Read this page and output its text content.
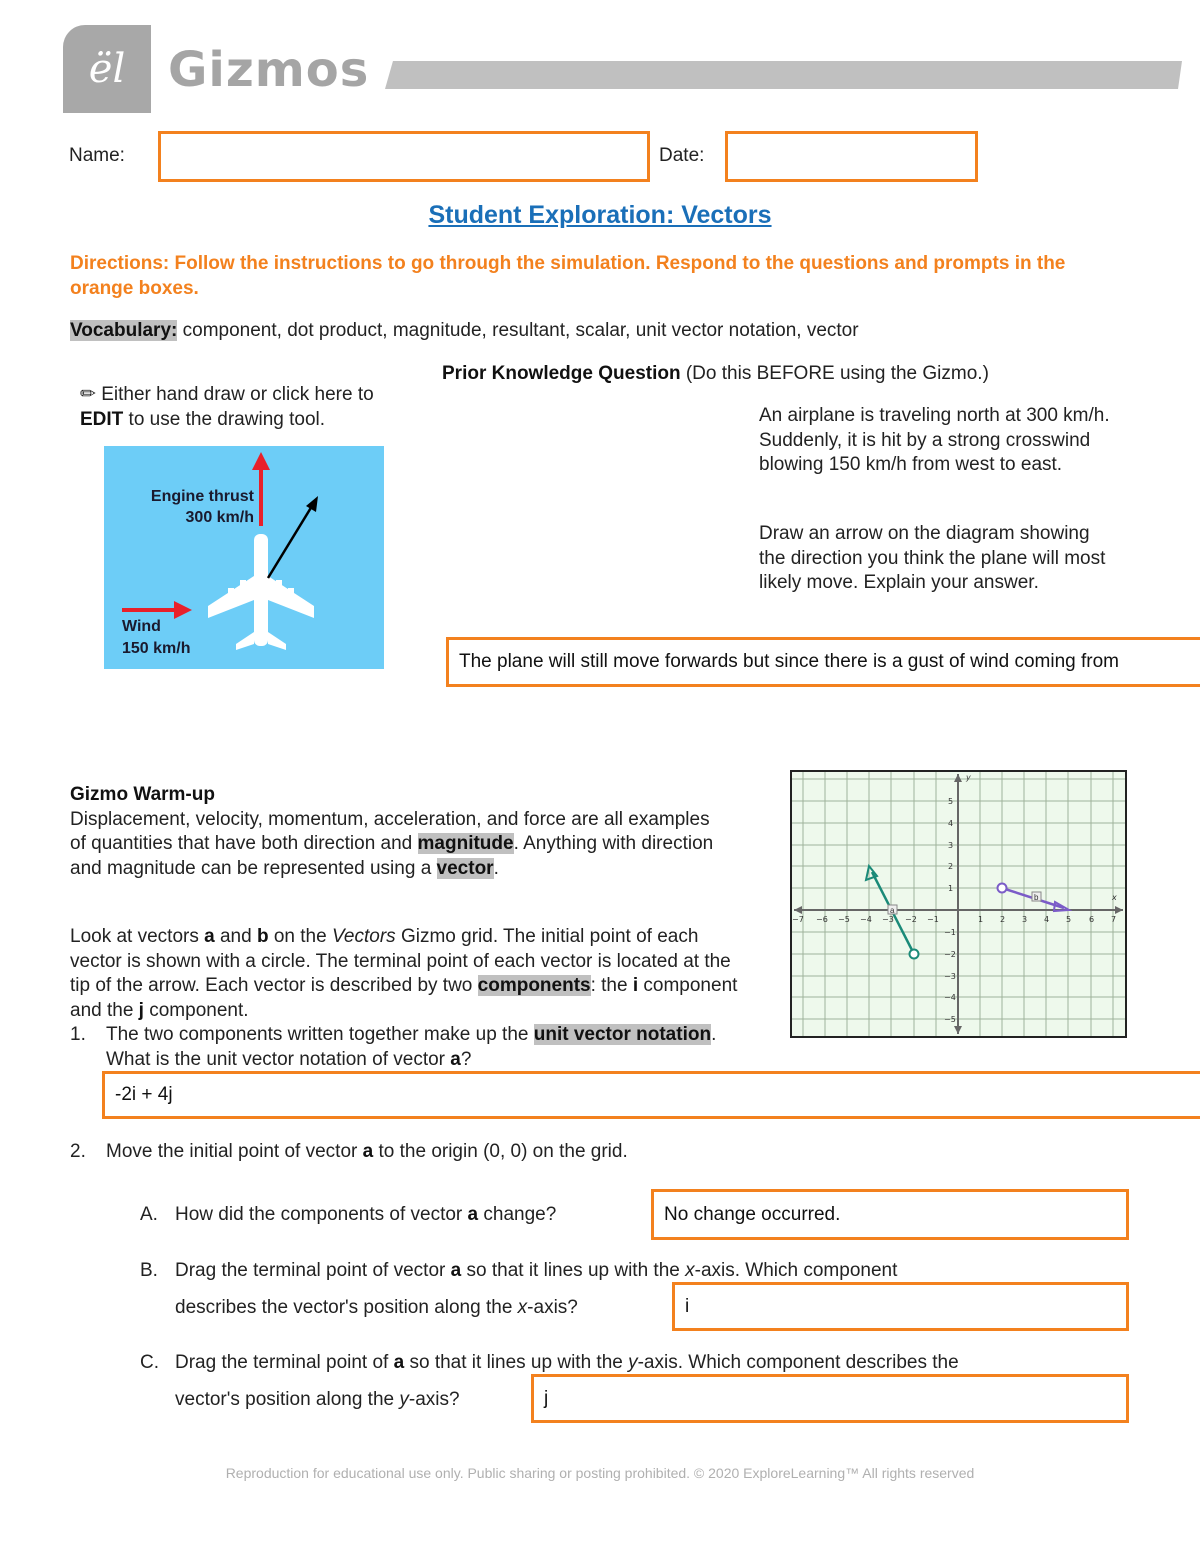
ël Gizmos
Name:	Date:
Student Exploration: Vectors
Directions: Follow the instructions to go through the simulation. Respond to the questions and prompts in the orange boxes.
Vocabulary: component, dot product, magnitude, resultant, scalar, unit vector notation, vector
✏ Either hand draw or click here to EDIT to use the drawing tool.
Engine thrust
300 km/h
Wind
150 km/h
Prior Knowledge Question (Do this BEFORE using the Gizmo.)
An airplane is traveling north at 300 km/h. Suddenly, it is hit by a strong crosswind blowing 150 km/h from west to east.
Draw an arrow on the diagram showing the direction you think the plane will most likely move. Explain your answer.
The plane will still move forwards but since there is a gust of wind coming from
Gizmo Warm-up
Displacement, velocity, momentum, acceleration, and force are all examples of quantities that have both direction and magnitude. Anything with direction and magnitude can be represented using a vector.
Look at vectors a and b on the Vectors Gizmo grid. The initial point of each vector is shown with a circle. The terminal point of each vector is located at the tip of the arrow. Each vector is described by two components: the i component and the j component.
y
x
−7 −6 −5 −4 −3 −2 −1	1 2 3 4 5 6 7
5
4
3
2
1
−1
−2
−3
−4
−5
a
b
1.	The two components written together make up the unit vector notation. What is the unit vector notation of vector a?
-2i + 4j
2. Move the initial point of vector a to the origin (0, 0) on the grid.
A. How did the components of vector a change?	No change occurred.
B. Drag the terminal point of vector a so that it lines up with the x-axis. Which component
describes the vector's position along the x-axis?	i
C. Drag the terminal point of a so that it lines up with the y-axis. Which component describes the
vector's position along the y-axis?	j
Reproduction for educational use only. Public sharing or posting prohibited. © 2020 ExploreLearning™ All rights reserved
